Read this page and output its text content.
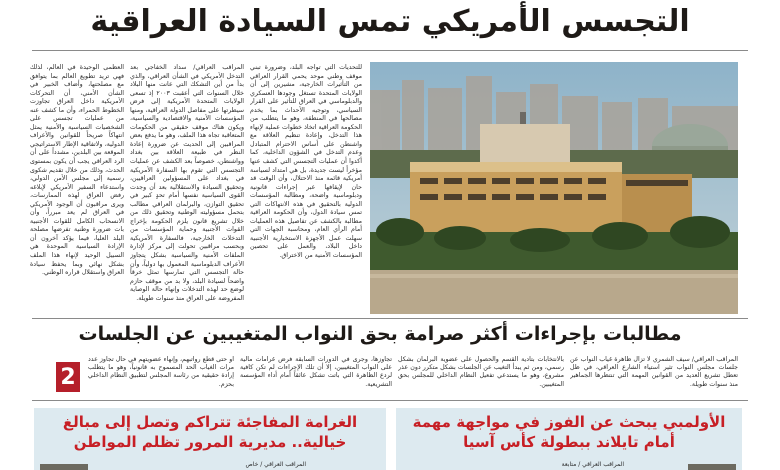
التجسس الأمريكي تمس السيادة العراقية

للتحديات التي تواجه البلد، وضرورة تبني موقف وطني موحد يحمي القرار العراقي من التأثيرات الخارجية، مشيرين إلى أن الولايات المتحدة تستغل وجودها العسكري والدبلوماسي في العراق للتأثير على القرار السياسي، وتوجيه الأحداث بما يخدم مصالحها في المنطقة، وهو ما يتطلب من الحكومة العراقية اتخاذ خطوات عملية لإنهاء هذا التدخل، وإعادة تنظيم العلاقة مع واشنطن على أساس الاحترام المتبادل وعدم التدخل في الشؤون الداخلية، كما أكدوا أن عمليات التجسس التي كشف عنها مؤخراً ليست جديدة، بل هي امتداد لسياسة أمريكية قائمة منذ الاحتلال، وأن الوقت قد حان لإيقافها عبر إجراءات قانونية ودبلوماسية واضحة، ومطالبة المؤسسات الدولية بالتحقيق في هذه الانتهاكات التي تمس سيادة الدول، وأن الحكومة العراقية مطالبة بالكشف عن تفاصيل هذه العمليات أمام الرأي العام، ومحاسبة الجهات التي سهلت عمل الأجهزة الاستخبارية الأجنبية داخل البلاد، والعمل على تحصين المؤسسات الأمنية من الاختراق.

المراقب العراقي/ سداد الخفاجي بعد التدخل الأمريكي في الشأن العراقي، والذي بدأ من أين التشكك التي عانت منها البلاد خلال السنوات التي أعقبت ٢٠٠٣ إذ تسعى الولايات المتحدة الأمريكية إلى فرض سيطرتها على مفاصل الدولة العراقية، ومنها المؤسسات الأمنية والاقتصادية والسياسية، ويكون هناك موقف حقيقي من الحكومات المتعاقبة تجاه هذا الملف، وهو ما يدفع بعض المراقبين إلى الحديث عن ضرورة إعادة النظر في طبيعة العلاقة بين بغداد وواشنطن، خصوصاً بعد الكشف عن عمليات التجسس التي تقوم بها السفارة الأمريكية في بغداد على المسؤولين العراقيين، وتحقيق السيادة والاستقلالية بعد أن وجدت القوى السياسية نفسها أمام تحدٍ كبير في تحقيق التوازن، والبرلمان العراقي مطالب بتحمل مسؤوليته الوطنية وتحقيق ذلك من خلال تشريع قانون يلزم الحكومة بإخراج القوات الأجنبية وحماية المؤسسات من التدخلات الخارجية، فالسفارة الأمريكية وبحسب مراقبين تحولت إلى مركز لإدارة الملفات الأمنية والسياسية بشكل يتجاوز الأعراف الدبلوماسية المعمول بها دولياً، وأن حالة التجسس التي تمارسها تمثل خرقاً واضحاً لسيادة البلد، ولا بد من موقف حازم لوضع حد لهذه التدخلات وإنهاء حالة الوصاية المفروضة على العراق منذ سنوات طويلة.

العظمى الوحيدة في العالم، لذلك فهي تريد تطويع العالم بما يتوافق مع مصلحتها، وأضاف الخبير في الشأن الأمني، أن التحركات الأمريكية داخل العراق تجاوزت الخطوط الحمراء، وأن ما كشف عنه من عمليات تجسس على الشخصيات السياسية والأمنية يمثل انتهاكاً صريحاً للقوانين والأعراف الدولية، ولاتفاقية الإطار الاستراتيجي الموقعة بين البلدين، مشدداً على أن الرد العراقي يجب أن يكون بمستوى الحدث، وذلك من خلال تقديم شكوى رسمية إلى مجلس الأمن الدولي، واستدعاء السفير الأمريكي لإبلاغه رفض العراق لهذه الممارسات، ويرى مراقبون أن الوجود الأمريكي في العراق لم يعد مبرراً، وأن الانسحاب الكامل للقوات الأجنبية بات ضرورة وطنية تفرضها مصلحة البلد العليا، فيما يؤكد آخرون أن الإرادة السياسية الموحدة هي السبيل الوحيد لإنهاء هذا الملف بشكل نهائي وبما يحفظ سيادة العراق واستقلال قراره الوطني.

مطالبات بإجراءات أكثر صرامة بحق النواب المتغيبين عن الجلسات

المراقب العراقي/ سيف الشمري لا تزال ظاهرة غياب النواب عن جلسات مجلس النواب تثير استياء الشارع العراقي، في ظل تعطل تشريع العديد من القوانين المهمة التي تنتظرها الجماهير منذ سنوات طويلة.

بالانتخابات بتأدية القسم والحصول على عضوية البرلمان بشكل رسمي، ومن ثم يبدأ التغيب عن الجلسات بشكل متكرر دون عذر مشروع، وهو ما يستدعي تفعيل النظام الداخلي للمجلس بحق المتغيبين.

تجاوزها، وجرى في الدورات السابقة فرض غرامات مالية على النواب المتغيبين، إلا أن تلك الإجراءات لم تكن كافية لردع الظاهرة التي باتت تشكل عائقاً أمام أداء المؤسسة التشريعية.

أو حتى قطع رواتبهم، وإنهاء عضويتهم في حال تجاوز عدد مرات الغياب الحد المسموح به قانونياً، وهو ما يتطلب إرادة حقيقية من رئاسة المجلس لتطبيق النظام الداخلي بحزم.

2
الأولمبي يبحث عن الفوز في مواجهة مهمة أمام تايلاند ببطولة كأس آسيا
المراقب العراقي / متابعة
الغرامة المفاجئة تتراكم وتصل إلى مبالغ خيالية.. مديرية المرور تظلم المواطن
المراقب العراقي / خاص
